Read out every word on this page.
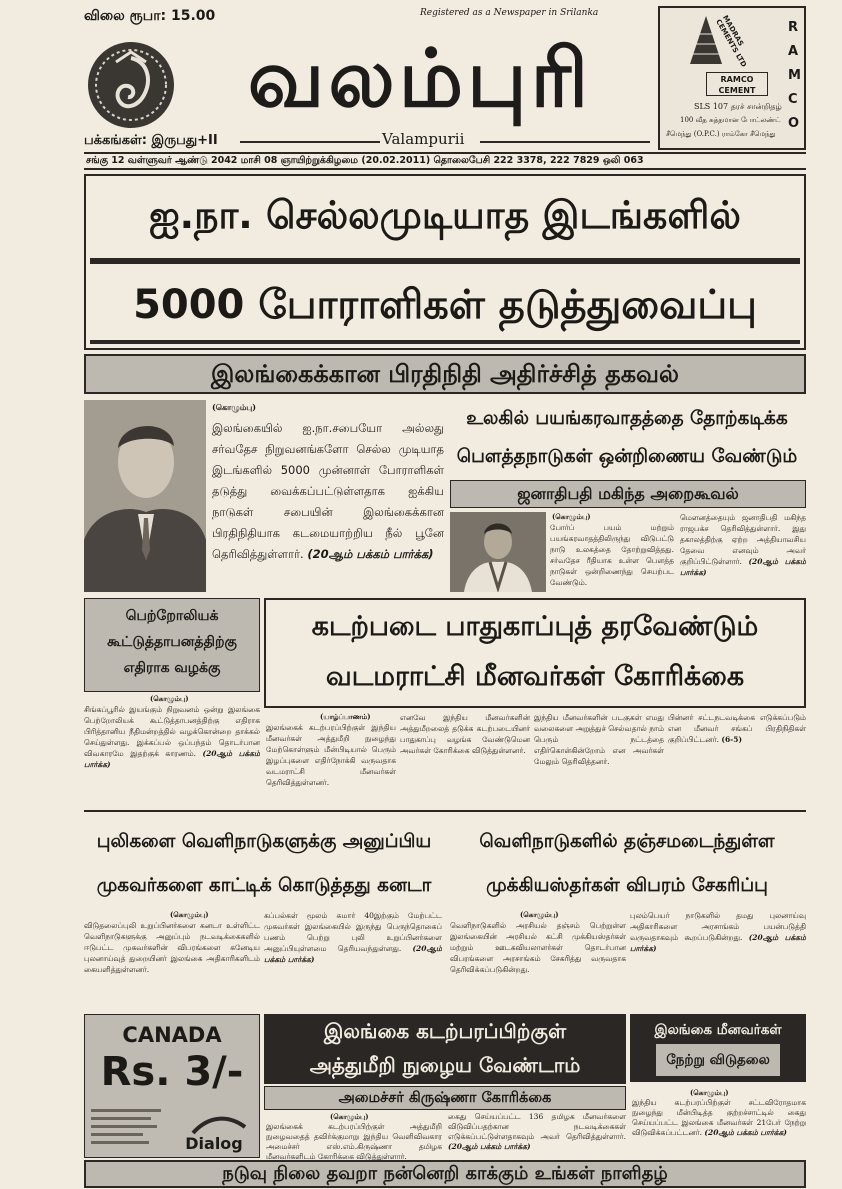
விலை ரூபா: 15.00	Registered as a Newspaper in Srilanka
வலம்புரி
பக்கங்கள்: இருபது+II	Valampurii
MADRAS CEMENTS LTD
RAMCO CEMENT
RAMCO
SLS 107 தரச் சான்றிதழ்
100 வீத சுத்தமான போட்லண்ட்
சீமெந்து (O.P.C.) ராம்கோ சீமெந்து
சங்கு 12 வள்ளுவர் ஆண்டு 2042 மாசி 08 ஞாயிற்றுக்கிழமை (20.02.2011) தொலைபேசி 222 3378, 222 7829 ஒலி 063
ஐ.நா. செல்லமுடியாத இடங்களில்
5000 போராளிகள் தடுத்துவைப்பு
இலங்கைக்கான பிரதிநிதி அதிர்ச்சித் தகவல்
(கொழும்பு)
இலங்கையில் ஐ.நா.சபையோ அல்லது சர்வதேச நிறுவனங்களோ செல்ல முடியாத இடங்களில் 5000 முன்னாள் போராளிகள் தடுத்து வைக்கப்பட்டுள்ளதாக ஐக்கிய நாடுகள் சபையின் இலங்கைக்கான பிரதிநிதியாக கடமையாற்றிய நீல் பூனே தெரிவித்துள்ளார். (20ஆம் பக்கம் பார்க்க)
உலகில் பயங்கரவாதத்தை தோற்கடிக்க
பௌத்தநாடுகள் ஒன்றிணைய வேண்டும்
ஜனாதிபதி மகிந்த அறைகூவல்
(கொழும்பு)
போர்ப் பயம் மற்றும் பயங்கரவாதத்திலிருந்து விடுபட்டு நாடு உலகத்தை தோற்றுவித்தது. சர்வதேச ரீதியாக உள்ள பௌத்த நாடுகள் ஒன்றிணைந்து செயற்பட வேண்டும்.
மௌனத்தையும் ஜனாதிபதி மகிந்த ராஜபக்ச தெரிவித்துள்ளார். இது தகாலத்திற்கு ஏற்ற அத்தியாவசிய தேவை எனவும் அவர் குறிப்பிட்டுள்ளார். (20ஆம் பக்கம் பார்க்க)
பெற்றோலியக்
கூட்டுத்தாபனத்திற்கு
எதிராக வழக்கு
(கொழும்பு)
சிங்கப்பூரில் இயங்கும் நிறுவனம் ஒன்று இலங்கை பெற்றோலியக் கூட்டுத்தாபனத்திற்கு எதிராக பிரித்தானிய நீதிமன்றத்தில் வழக்கொன்றை தாக்கல் செய்துள்ளது. இக்கப்பல் ஒப்பந்தம் தொடர்பான விவகாரமே இதற்குக் காரணம். (20ஆம் பக்கம் பார்க்க)
கடற்படை பாதுகாப்புத் தரவேண்டும்
வடமராட்சி மீனவர்கள் கோரிக்கை
(யாழ்ப்பாணம்)
இலங்கைக் கடற்பரப்பிற்குள் இந்திய மீனவர்கள் அத்துமீறி நுழைந்து மேற்கொள்ளும் மீன்பிடியால் பெரும் இழப்புகளை எதிர்நோக்கி வருவதாக வடமராட்சி மீனவர்கள் தெரிவித்துள்ளனர்.
எனவே இந்திய மீனவர்களின் அத்துமீறலைத் தடுக்க கடற்படையினர் பாதுகாப்பு வழங்க வேண்டுமென அவர்கள் கோரிக்கை விடுத்துள்ளனர்.
இந்திய மீனவர்களின் படகுகள் எமது வலைகளை அறுத்துச் செல்வதால் நாம் பெரும் நட்டத்தை எதிர்கொள்கின்றோம் என அவர்கள் மேலும் தெரிவித்தனர்.
பின்னர் சட்டநடவடிக்கை எடுக்கப்படும் என மீனவர் சங்கப் பிரதிநிதிகள் குறிப்பிட்டனர். (6-5)
புலிகளை வெளிநாடுகளுக்கு அனுப்பிய
முகவர்களை காட்டிக் கொடுத்தது கனடா
(கொழும்பு)
விடுதலைப்புலி உறுப்பினர்களை கனடா உள்ளிட்ட வெளிநாடுகளுக்கு அனுப்பும் நடவடிக்கைகளில் ஈடுபட்ட முகவர்களின் விபரங்களை கனேடிய புலனாய்வுத் துறையினர் இலங்கை அதிகாரிகளிடம் கையளித்துள்ளனர்.
கப்பல்கள் மூலம் சுமார் 40இற்கும் மேற்பட்ட முகவர்கள் இலங்கையில் இருந்து பெருந்தொகைப் பணம் பெற்று புலி உறுப்பினர்களை அனுப்பியுள்ளமை தெரியவந்துள்ளது. (20ஆம் பக்கம் பார்க்க)
வெளிநாடுகளில் தஞ்சமடைந்துள்ள
முக்கியஸ்தர்கள் விபரம் சேகரிப்பு
(கொழும்பு)
வெளிநாடுகளில் அரசியல் தஞ்சம் பெற்றுள்ள இலங்கையின் அரசியல் கட்சி முக்கியஸ்தர்கள் மற்றும் ஊடகவியலாளர்கள் தொடர்பான விபரங்களை அரசாங்கம் சேகரித்து வருவதாக தெரிவிக்கப்படுகின்றது.
புலம்பெயர் நாடுகளில் தமது புலனாய்வு அதிகாரிகளை அரசாங்கம் பயன்படுத்தி வருவதாகவும் கூறப்படுகின்றது. (20ஆம் பக்கம் பார்க்க)
CANADA
Rs. 3/-
Dialog
இலங்கை கடற்பரப்பிற்குள்
அத்துமீறி நுழைய வேண்டாம்
அமைச்சர் கிருஷ்ணா கோரிக்கை
(கொழும்பு)
இலங்கைக் கடற்பரப்பிற்குள் அத்துமீறி நுழைவதைத் தவிர்க்குமாறு இந்திய வெளிவிவகார அமைச்சர் எஸ்.எம்.கிருஷ்ணா தமிழக மீனவர்களிடம் கோரிக்கை விடுத்துள்ளார்.
கைது செய்யப்பட்ட 136 தமிழக மீனவர்களை விடுவிப்பதற்கான நடவடிக்கைகள் எடுக்கப்பட்டுள்ளதாகவும் அவர் தெரிவித்துள்ளார். (20ஆம் பக்கம் பார்க்க)
இலங்கை மீனவர்கள்
நேற்று விடுதலை
(கொழும்பு)
இந்திய கடற்பரப்பிற்குள் சட்டவிரோதமாக நுழைந்து மீன்பிடித்த குற்றச்சாட்டில் கைது செய்யப்பட்ட இலங்கை மீனவர்கள் 21பேர் நேற்று விடுவிக்கப்பட்டனர். (20ஆம் பக்கம் பார்க்க)
நடுவு நிலை தவறா நன்னெறி காக்கும் உங்கள் நாளிதழ்
